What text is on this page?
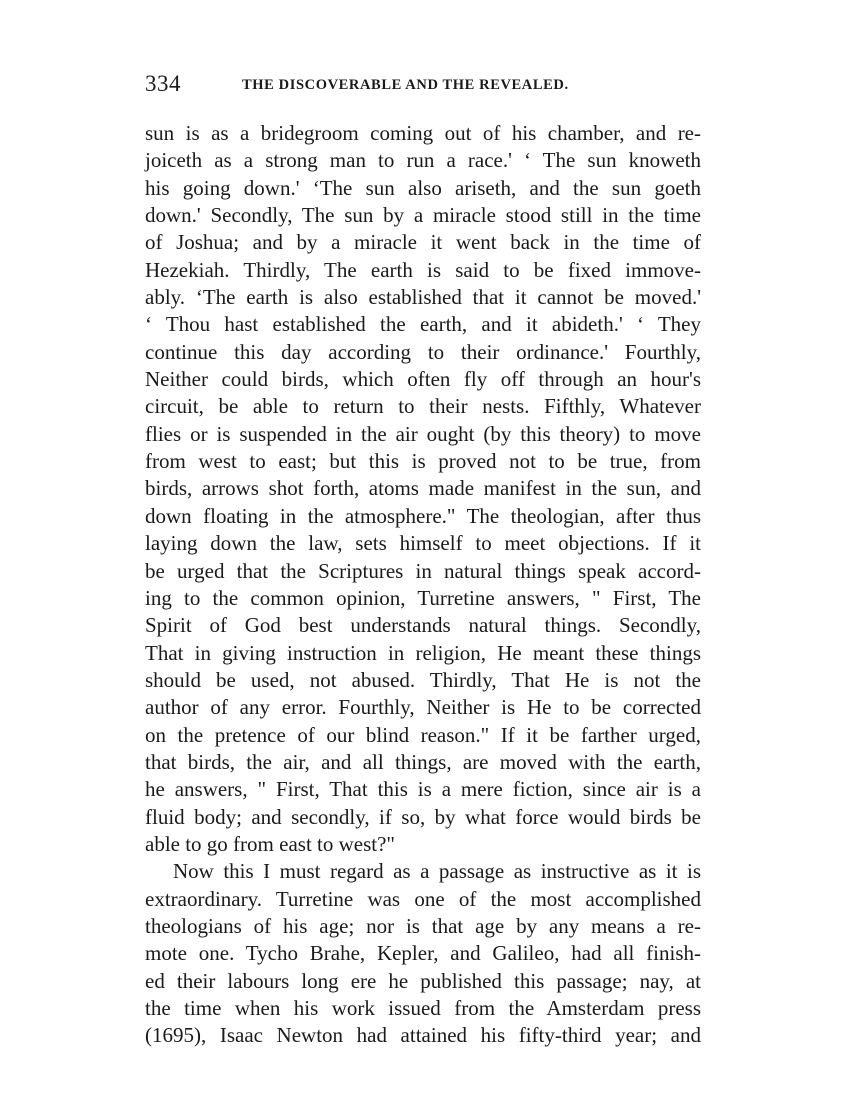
334	THE DISCOVERABLE AND THE REVEALED.
sun is as a bridegroom coming out of his chamber, and re-
joiceth as a strong man to run a race.' ‘ The sun knoweth
his going down.' ‘The sun also ariseth, and the sun goeth
down.' Secondly, The sun by a miracle stood still in the time
of Joshua; and by a miracle it went back in the time of
Hezekiah. Thirdly, The earth is said to be fixed immove-
ably. ‘The earth is also established that it cannot be moved.'
‘ Thou hast established the earth, and it abideth.' ‘ They
continue this day according to their ordinance.' Fourthly,
Neither could birds, which often fly off through an hour's
circuit, be able to return to their nests. Fifthly, Whatever
flies or is suspended in the air ought (by this theory) to move
from west to east; but this is proved not to be true, from
birds, arrows shot forth, atoms made manifest in the sun, and
down floating in the atmosphere." The theologian, after thus
laying down the law, sets himself to meet objections. If it
be urged that the Scriptures in natural things speak accord-
ing to the common opinion, Turretine answers, " First, The
Spirit of God best understands natural things. Secondly,
That in giving instruction in religion, He meant these things
should be used, not abused. Thirdly, That He is not the
author of any error. Fourthly, Neither is He to be corrected
on the pretence of our blind reason." If it be farther urged,
that birds, the air, and all things, are moved with the earth,
he answers, " First, That this is a mere fiction, since air is a
fluid body; and secondly, if so, by what force would birds be
able to go from east to west?"
Now this I must regard as a passage as instructive as it is
extraordinary. Turretine was one of the most accomplished
theologians of his age; nor is that age by any means a re-
mote one. Tycho Brahe, Kepler, and Galileo, had all finish-
ed their labours long ere he published this passage; nay, at
the time when his work issued from the Amsterdam press
(1695), Isaac Newton had attained his fifty-third year; and
